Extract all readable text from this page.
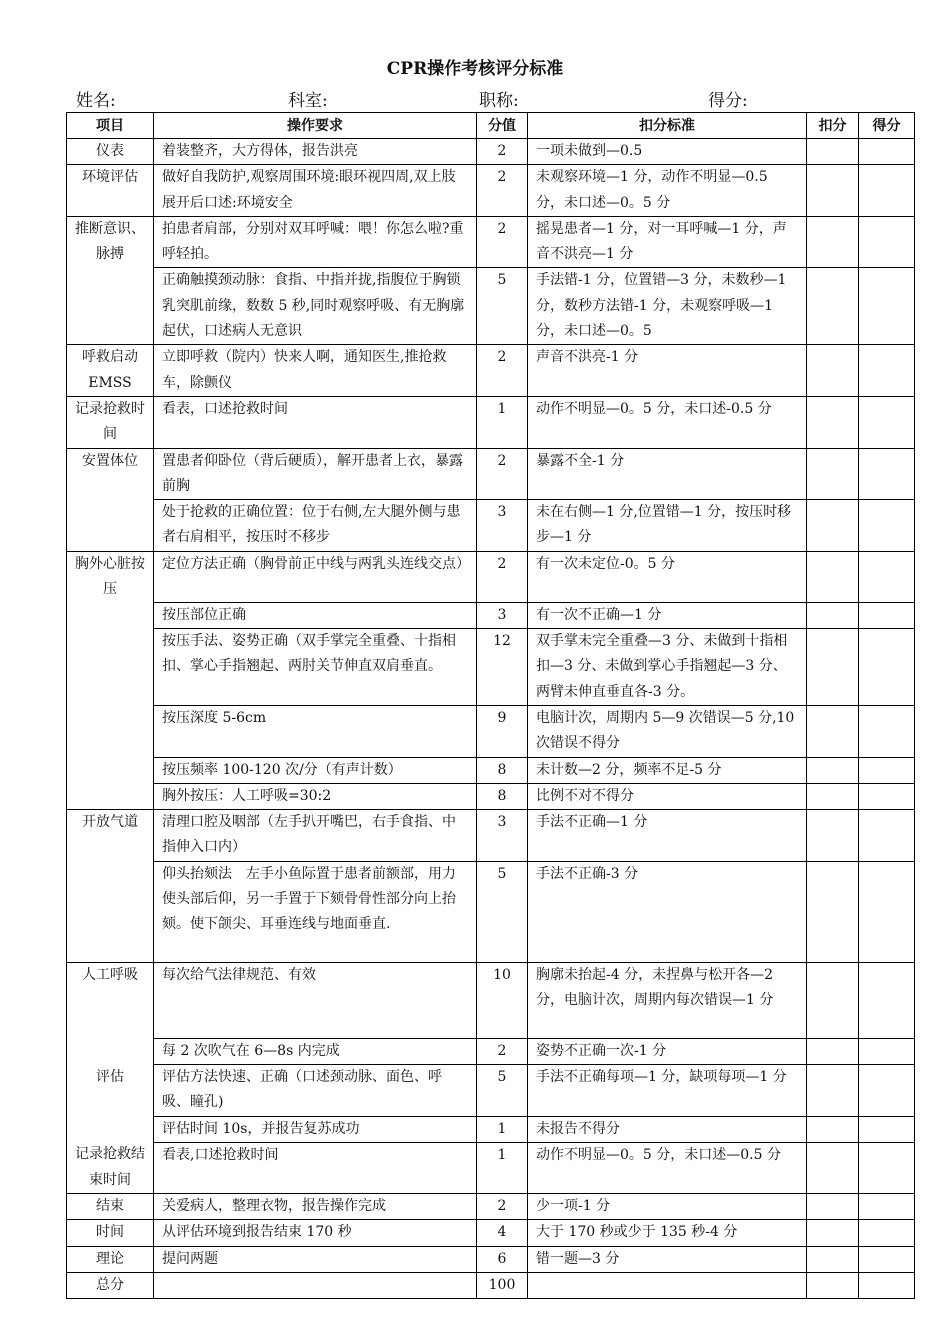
CPR操作考核评分标准
姓名:	科室:	职称:	得分:
项目	操作要求	分值	扣分标准	扣分	得分
仪表	着装整齐，大方得体，报告洪亮	2	一项未做到—0.5		
环境评估	做好自我防护,观察周围环境:眼环视四周,双上肢展开后口述:环境安全	2	未观察环境—1 分，动作不明显—0.5 分，未口述—0。5 分		
推断意识、脉搏	拍患者肩部，分别对双耳呼喊：喂！你怎么啦?重呼轻拍。	2	摇晃患者—1 分，对一耳呼喊—1 分，声音不洪亮—1 分		
	正确触摸颈动脉：食指、中指并拢,指腹位于胸锁乳突肌前缘，数数 5 秒,同时观察呼吸、有无胸廓起伏，口述病人无意识	5	手法错-1 分，位置错—3 分，未数秒—1 分，数秒方法错-1 分，未观察呼吸—1 分，未口述—0。5		
呼救启动 EMSS	立即呼救（院内）快来人啊，通知医生,推抢救车，除颤仪	2	声音不洪亮-1 分		
记录抢救时间	看表，口述抢救时间	1	动作不明显—0。5 分，未口述-0.5 分		
安置体位	置患者仰卧位（背后硬质），解开患者上衣，暴露前胸	2	暴露不全-1 分		
	处于抢救的正确位置：位于右侧,左大腿外侧与患者右肩相平，按压时不移步	3	未在右侧—1 分,位置错—1 分，按压时移步—1 分		
胸外心脏按压	定位方法正确（胸骨前正中线与两乳头连线交点）	2	有一次未定位-0。5 分		
	按压部位正确	3	有一次不正确—1 分		
	按压手法、姿势正确（双手掌完全重叠、十指相扣、掌心手指翘起、两肘关节伸直双肩垂直。	12	双手掌未完全重叠—3 分、未做到十指相扣—3 分、未做到掌心手指翘起—3 分、两臂未伸直垂直各-3 分。		
	按压深度 5-6cm	9	电脑计次，周期内 5—9 次错误—5 分,10 次错误不得分		
	按压频率 100-120 次/分（有声计数）	8	未计数—2 分，频率不足-5 分		
	胸外按压：人工呼吸=30:2	8	比例不对不得分		
开放气道	清理口腔及咽部（左手扒开嘴巴，右手食指、中指伸入口内）	3	手法不正确—1 分		
	仰头抬颏法　左手小鱼际置于患者前额部，用力使头部后仰，另一手置于下颏骨骨性部分向上抬颏。使下颌尖、耳垂连线与地面垂直.	5	手法不正确-3 分		
人工呼吸	每次给气法律规范、有效	10	胸廓未抬起-4 分，未捏鼻与松开各—2 分，电脑计次，周期内每次错误—1 分		
	每 2 次吹气在 6—8s 内完成	2	姿势不正确一次-1 分		
评估	评估方法快速、正确（口述颈动脉、面色、呼吸、瞳孔)	5	手法不正确每项—1 分，缺项每项—1 分		
	评估时间 10s，并报告复苏成功	1	未报告不得分		
记录抢救结束时间	看表,口述抢救时间	1	动作不明显—0。5 分，未口述—0.5 分		
结束	关爱病人，整理衣物，报告操作完成	2	少一项-1 分		
时间	从评估环境到报告结束 170 秒	4	大于 170 秒或少于 135 秒-4 分		
理论	提问两题	6	错一题—3 分		
总分		100			
